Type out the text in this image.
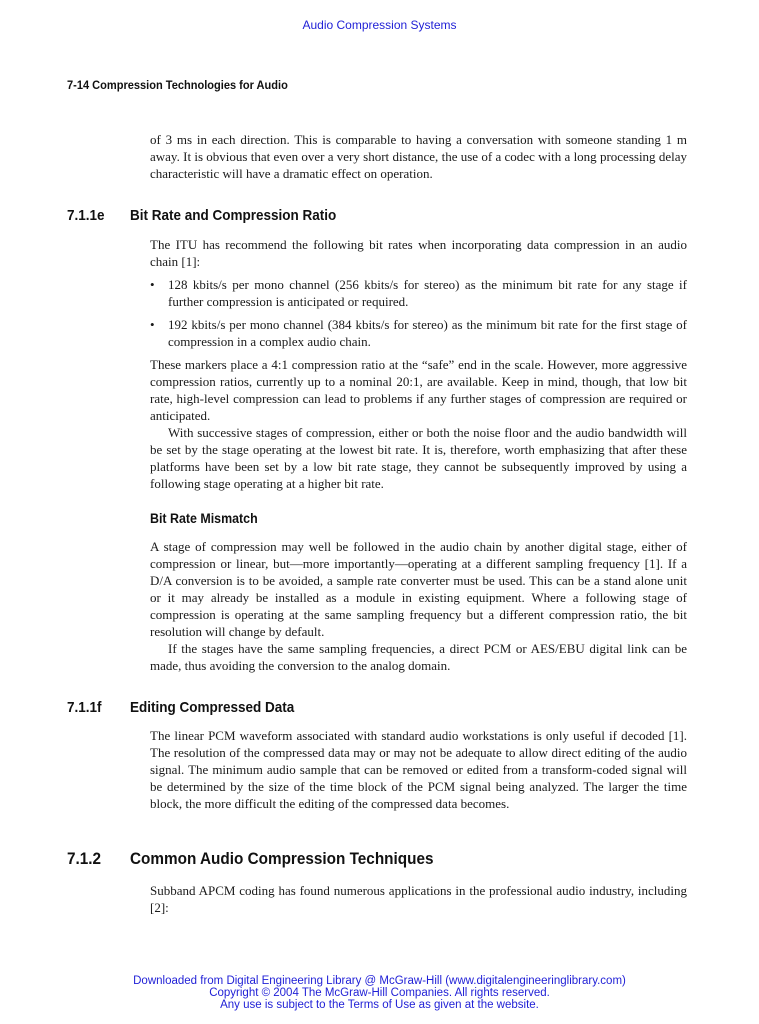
Audio Compression Systems
7-14 Compression Technologies for Audio

of 3 ms in each direction. This is comparable to having a conversation with someone standing 1 m away. It is obvious that even over a very short distance, the use of a codec with a long processing delay characteristic will have a dramatic effect on operation.

7.1.1e Bit Rate and Compression Ratio

The ITU has recommend the following bit rates when incorporating data compression in an audio chain [1]:

• 128 kbits/s per mono channel (256 kbits/s for stereo) as the minimum bit rate for any stage if further compression is anticipated or required.

• 192 kbits/s per mono channel (384 kbits/s for stereo) as the minimum bit rate for the first stage of compression in a complex audio chain.

These markers place a 4:1 compression ratio at the “safe” end in the scale. However, more aggressive compression ratios, currently up to a nominal 20:1, are available. Keep in mind, though, that low bit rate, high-level compression can lead to problems if any further stages of compression are required or anticipated.

With successive stages of compression, either or both the noise floor and the audio bandwidth will be set by the stage operating at the lowest bit rate. It is, therefore, worth emphasizing that after these platforms have been set by a low bit rate stage, they cannot be subsequently improved by using a following stage operating at a higher bit rate.

Bit Rate Mismatch

A stage of compression may well be followed in the audio chain by another digital stage, either of compression or linear, but—more importantly—operating at a different sampling frequency [1]. If a D/A conversion is to be avoided, a sample rate converter must be used. This can be a stand alone unit or it may already be installed as a module in existing equipment. Where a following stage of compression is operating at the same sampling frequency but a different compression ratio, the bit resolution will change by default.

If the stages have the same sampling frequencies, a direct PCM or AES/EBU digital link can be made, thus avoiding the conversion to the analog domain.

7.1.1f Editing Compressed Data

The linear PCM waveform associated with standard audio workstations is only useful if decoded [1]. The resolution of the compressed data may or may not be adequate to allow direct editing of the audio signal. The minimum audio sample that can be removed or edited from a transform-coded signal will be determined by the size of the time block of the PCM signal being analyzed. The larger the time block, the more difficult the editing of the compressed data becomes.

7.1.2 Common Audio Compression Techniques

Subband APCM coding has found numerous applications in the professional audio industry, including [2]:

Downloaded from Digital Engineering Library @ McGraw-Hill (www.digitalengineeringlibrary.com)
Copyright © 2004 The McGraw-Hill Companies. All rights reserved.
Any use is subject to the Terms of Use as given at the website.
